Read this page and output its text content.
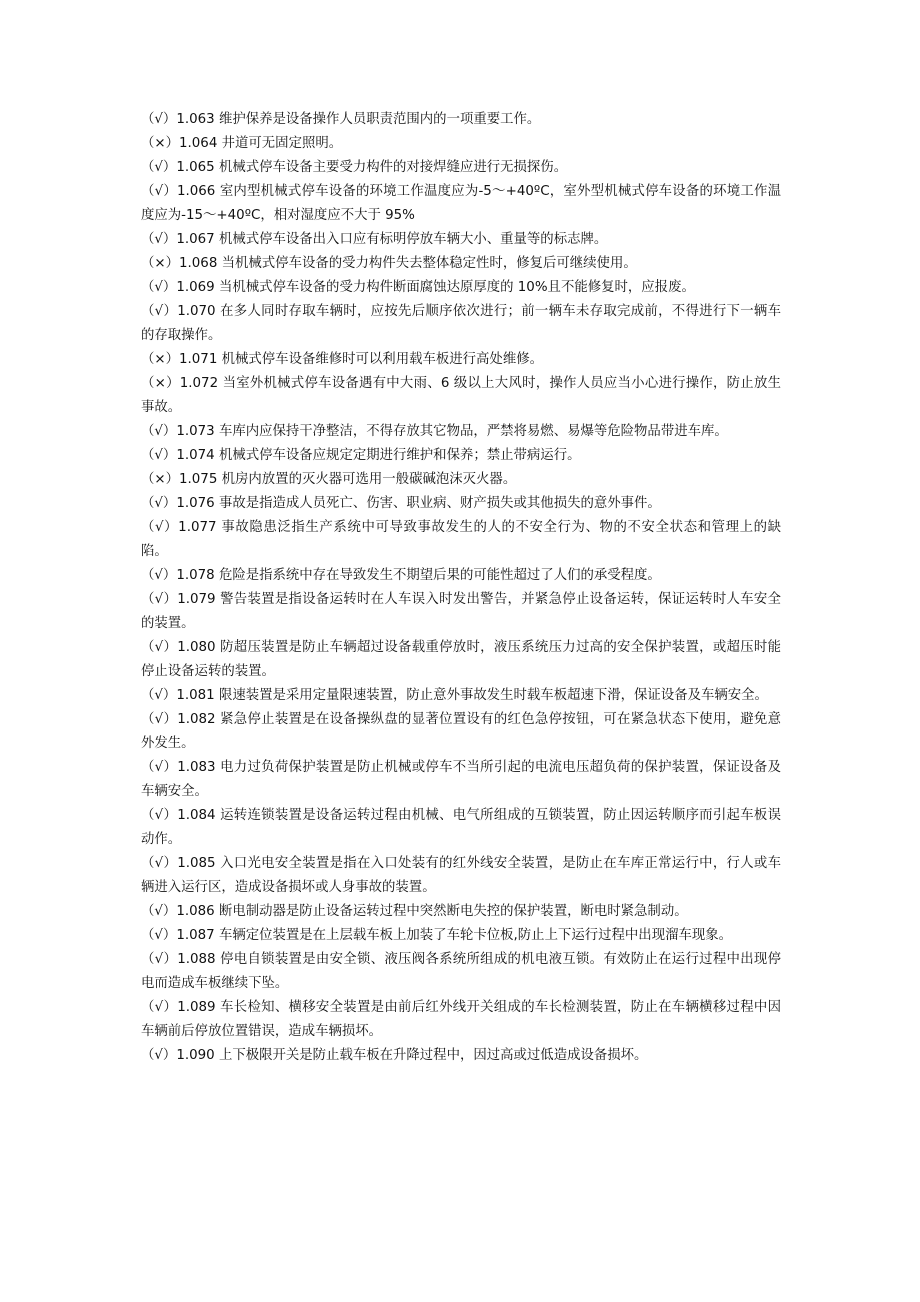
（√）1.063 维护保养是设备操作人员职责范围内的一项重要工作。

（×）1.064 井道可无固定照明。

（√）1.065 机械式停车设备主要受力构件的对接焊缝应进行无损探伤。

（√）1.066 室内型机械式停车设备的环境工作温度应为-5～+40ºC，室外型机械式停车设备的环境工作温度应为-15～+40ºC，相对湿度应不大于 95%

（√）1.067 机械式停车设备出入口应有标明停放车辆大小、重量等的标志牌。

（×）1.068 当机械式停车设备的受力构件失去整体稳定性时，修复后可继续使用。

（√）1.069 当机械式停车设备的受力构件断面腐蚀达原厚度的 10%且不能修复时，应报废。

（√）1.070 在多人同时存取车辆时，应按先后顺序依次进行；前一辆车未存取完成前，不得进行下一辆车的存取操作。

（×）1.071 机械式停车设备维修时可以利用载车板进行高处维修。

（×）1.072 当室外机械式停车设备遇有中大雨、6 级以上大风时，操作人员应当小心进行操作，防止放生事故。

（√）1.073 车库内应保持干净整洁，不得存放其它物品，严禁将易燃、易爆等危险物品带进车库。

（√）1.074 机械式停车设备应规定定期进行维护和保养；禁止带病运行。

（×）1.075 机房内放置的灭火器可选用一般碳碱泡沫灭火器。

（√）1.076 事故是指造成人员死亡、伤害、职业病、财产损失或其他损失的意外事件。

（√）1.077 事故隐患泛指生产系统中可导致事故发生的人的不安全行为、物的不安全状态和管理上的缺陷。

（√）1.078 危险是指系统中存在导致发生不期望后果的可能性超过了人们的承受程度。

（√）1.079 警告装置是指设备运转时在人车误入时发出警告，并紧急停止设备运转，保证运转时人车安全的装置。

（√）1.080 防超压装置是防止车辆超过设备载重停放时，液压系统压力过高的安全保护装置，或超压时能停止设备运转的装置。

（√）1.081 限速装置是采用定量限速装置，防止意外事故发生时载车板超速下滑，保证设备及车辆安全。

（√）1.082 紧急停止装置是在设备操纵盘的显著位置设有的红色急停按钮，可在紧急状态下使用，避免意外发生。

（√）1.083 电力过负荷保护装置是防止机械或停车不当所引起的电流电压超负荷的保护装置，保证设备及车辆安全。

（√）1.084 运转连锁装置是设备运转过程由机械、电气所组成的互锁装置，防止因运转顺序而引起车板误动作。

（√）1.085 入口光电安全装置是指在入口处装有的红外线安全装置，是防止在车库正常运行中，行人或车辆进入运行区，造成设备损坏或人身事故的装置。

（√）1.086 断电制动器是防止设备运转过程中突然断电失控的保护装置，断电时紧急制动。

（√）1.087 车辆定位装置是在上层载车板上加装了车轮卡位板,防止上下运行过程中出现溜车现象。

（√）1.088 停电自锁装置是由安全锁、液压阀各系统所组成的机电液互锁。有效防止在运行过程中出现停电而造成车板继续下坠。

（√）1.089 车长检知、横移安全装置是由前后红外线开关组成的车长检测装置，防止在车辆横移过程中因车辆前后停放位置错误，造成车辆损坏。

（√）1.090 上下极限开关是防止载车板在升降过程中，因过高或过低造成设备损坏。
